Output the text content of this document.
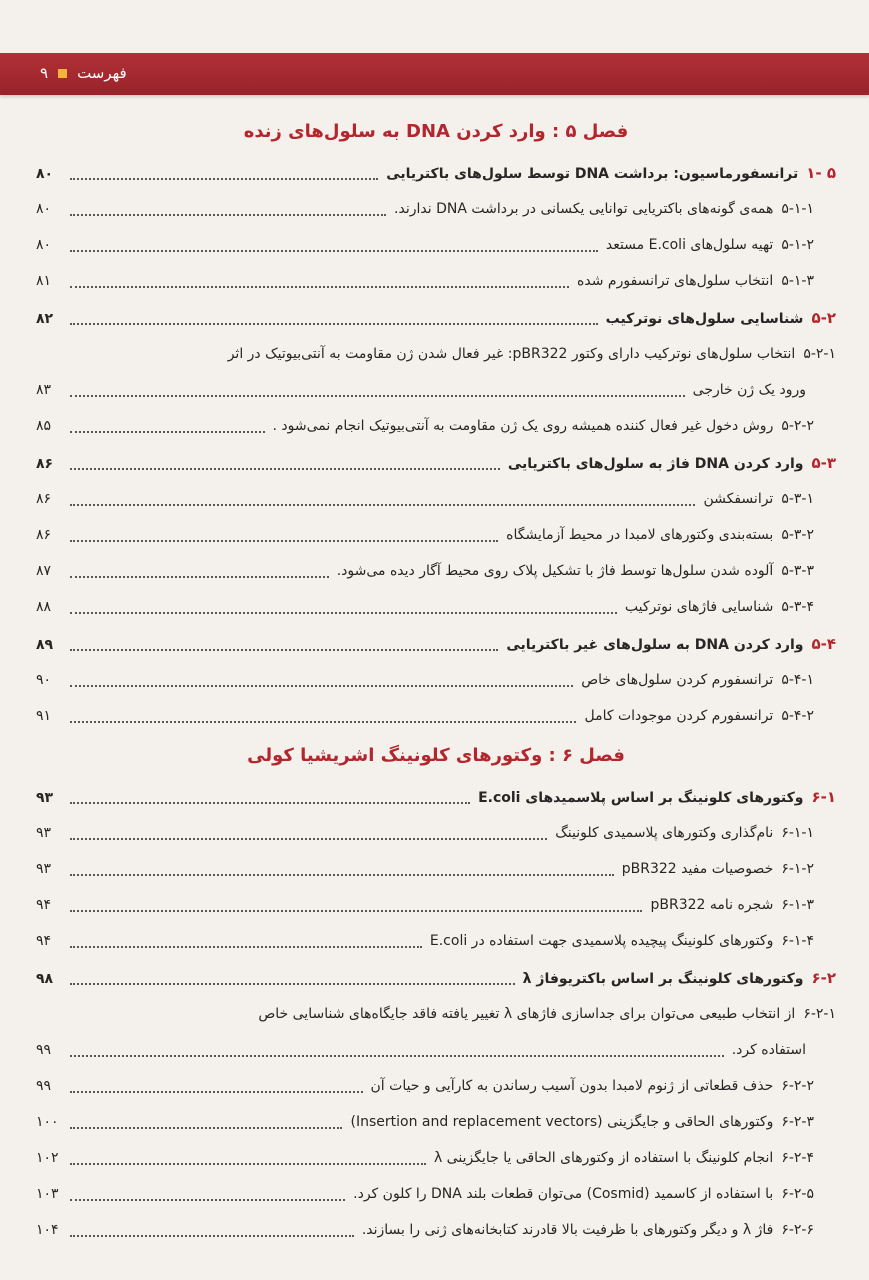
۹ فهرست
فصل ۵ : وارد کردن DNA به سلول‌های زنده
۵ -۱
ترانسفورماسیون: برداشت DNA توسط سلول‌های باکتریایی
۸۰
۵-۱-۱
همه‌ی گونه‌های باکتریایی توانایی یکسانی در برداشت DNA ندارند.
۸۰
۵-۱-۲
تهیه سلول‌های E.coli مستعد
۸۰
۵-۱-۳
انتخاب سلول‌های ترانسفورم شده
۸۱
۵-۲
شناسایی سلول‌های نوترکیب
۸۲
۵-۲-۱
انتخاب سلول‌های نوترکیب دارای وکتور pBR322: غیر فعال شدن ژن مقاومت به آنتی‌بیوتیک در اثر
ورود یک ژن خارجی
۸۳
۵-۲-۲
روش دخول غیر فعال کننده همیشه روی یک ژن مقاومت به آنتی‌بیوتیک انجام نمی‌شود .
۸۵
۵-۳
وارد کردن DNA فاژ به سلول‌های باکتریایی
۸۶
۵-۳-۱
ترانسفکشن
۸۶
۵-۳-۲
بسته‌بندی وکتورهای لامبدا در محیط آزمایشگاه
۸۶
۵-۳-۳
آلوده شدن سلول‌ها توسط فاژ با تشکیل پلاک روی محیط آگار دیده می‌شود.
۸۷
۵-۳-۴
شناسایی فاژهای نوترکیب
۸۸
۵-۴
وارد کردن DNA به سلول‌های غیر باکتریایی
۸۹
۵-۴-۱
ترانسفورم کردن سلول‌های خاص
۹۰
۵-۴-۲
ترانسفورم کردن موجودات کامل
۹۱
فصل ۶ : وکتورهای کلونینگ اشریشیا کولی
۶-۱
وکتورهای کلونینگ بر اساس پلاسمیدهای E.coli
۹۳
۶-۱-۱
نام‌گذاری وکتورهای پلاسمیدی کلونینگ
۹۳
۶-۱-۲
خصوصیات مفید pBR322
۹۳
۶-۱-۳
شجره نامه pBR322
۹۴
۶-۱-۴
وکتورهای کلونینگ پیچیده پلاسمیدی جهت استفاده در E.coli
۹۴
۶-۲
وکتورهای کلونینگ بر اساس باکتریوفاژ λ
۹۸
۶-۲-۱
از انتخاب طبیعی می‌توان برای جداسازی فاژهای λ تغییر یافته فاقد جایگاه‌های شناسایی خاص
استفاده کرد.
۹۹
۶-۲-۲
حذف قطعاتی از ژنوم لامبدا بدون آسیب رساندن به کارآیی و حیات آن
۹۹
۶-۲-۳
وکتورهای الحاقی و جایگزینی (Insertion and replacement vectors)
۱۰۰
۶-۲-۴
انجام کلونینگ با استفاده از وکتورهای الحاقی یا جایگزینی λ
۱۰۲
۶-۲-۵
با استفاده از کاسمید (Cosmid) می‌توان قطعات بلند DNA را کلون کرد.
۱۰۳
۶-۲-۶
فاژ λ و دیگر وکتورهای با ظرفیت بالا قادرند کتابخانه‌های ژنی را بسازند.
۱۰۴
